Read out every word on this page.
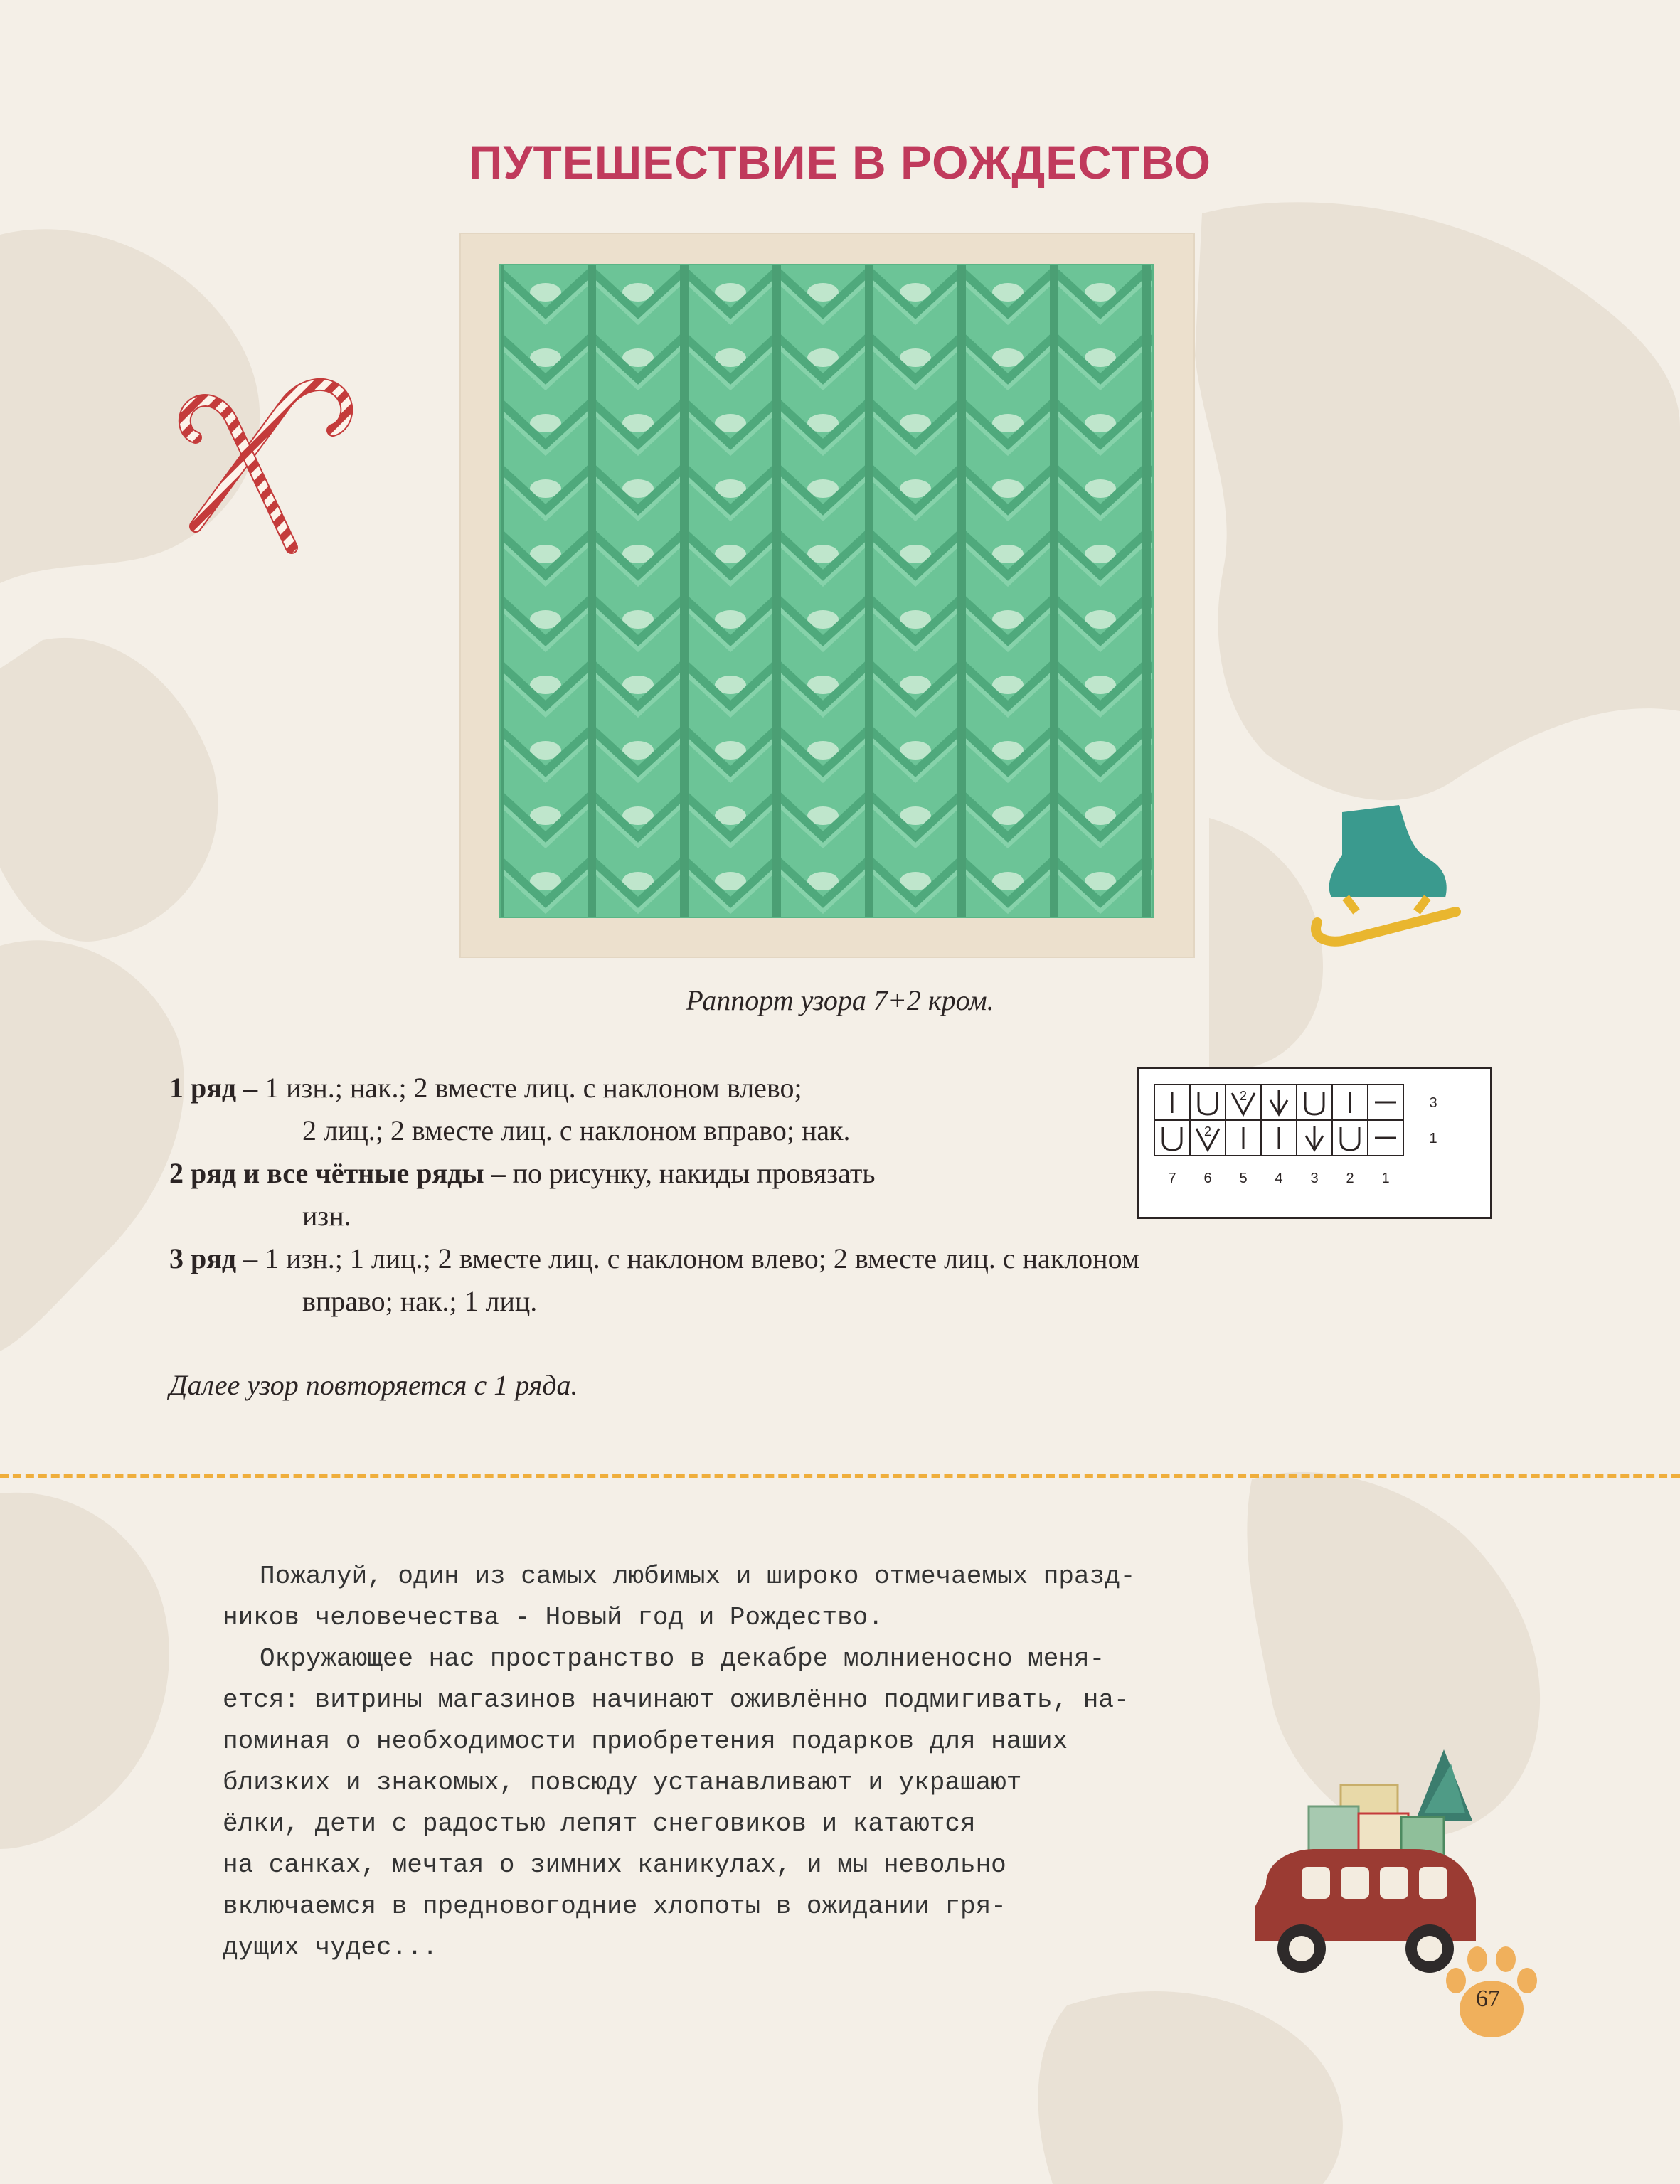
ПУТЕШЕСТВИЕ В РОЖДЕСТВО
Раппорт узора 7+2 кром.

1 ряд – 1 изн.; нак.; 2 вместе лиц. с наклоном влево;

2 лиц.; 2 вместе лиц. с наклоном вправо; нак.

2 ряд и все чётные ряды – по рисунку, накиды провязать

изн.

3 ряд – 1 изн.; 1 лиц.; 2 вместе лиц. с наклоном влево; 2 вместе лиц. с наклоном

вправо; нак.; 1 лиц.

Далее узор повторяется с 1 ряда.
2	3
2	1
7 6 5 4 3 2 1
Пожалуй, один из самых любимых и широко отмечаемых празд-
ников человечества - Новый год и Рождество.
Окружающее нас пространство в декабре молниеносно меня-
ется: витрины магазинов начинают оживлённо подмигивать, на-
поминая о необходимости приобретения подарков для наших
близких и знакомых, повсюду устанавливают и украшают
ёлки, дети с радостью лепят снеговиков и катаются
на санках, мечтая о зимних каникулах, и мы невольно
включаемся в предновогодние хлопоты в ожидании гря-
дущих чудес...
67
